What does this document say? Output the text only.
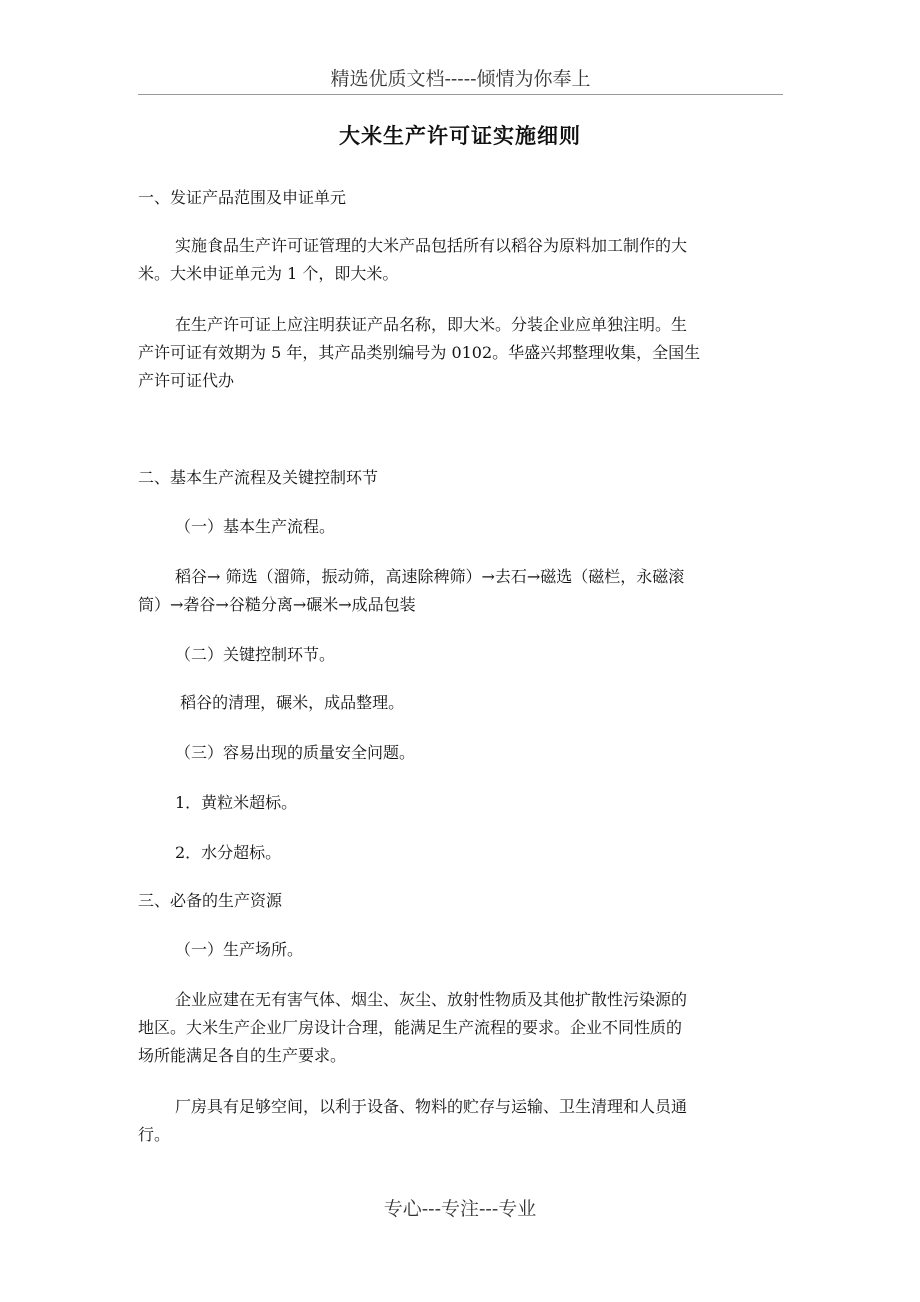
精选优质文档-----倾情为你奉上
大米生产许可证实施细则
一、发证产品范围及申证单元
实施食品生产许可证管理的大米产品包括所有以稻谷为原料加工制作的大
米。大米申证单元为 1 个，即大米。
在生产许可证上应注明获证产品名称，即大米。分装企业应单独注明。生
产许可证有效期为 5 年，其产品类别编号为 0102。华盛兴邦整理收集，全国生
产许可证代办
二、基本生产流程及关键控制环节
（一）基本生产流程。
稻谷→ 筛选（溜筛，振动筛，高速除稗筛）→去石→磁选（磁栏，永磁滚
筒）→砻谷→谷糙分离→碾米→成品包装
（二）关键控制环节。
稻谷的清理，碾米，成品整理。
（三）容易出现的质量安全问题。
1．黄粒米超标。
2．水分超标。
三、必备的生产资源
（一）生产场所。
企业应建在无有害气体、烟尘、灰尘、放射性物质及其他扩散性污染源的
地区。大米生产企业厂房设计合理，能满足生产流程的要求。企业不同性质的
场所能满足各自的生产要求。
厂房具有足够空间，以利于设备、物料的贮存与运输、卫生清理和人员通
行。
专心---专注---专业
